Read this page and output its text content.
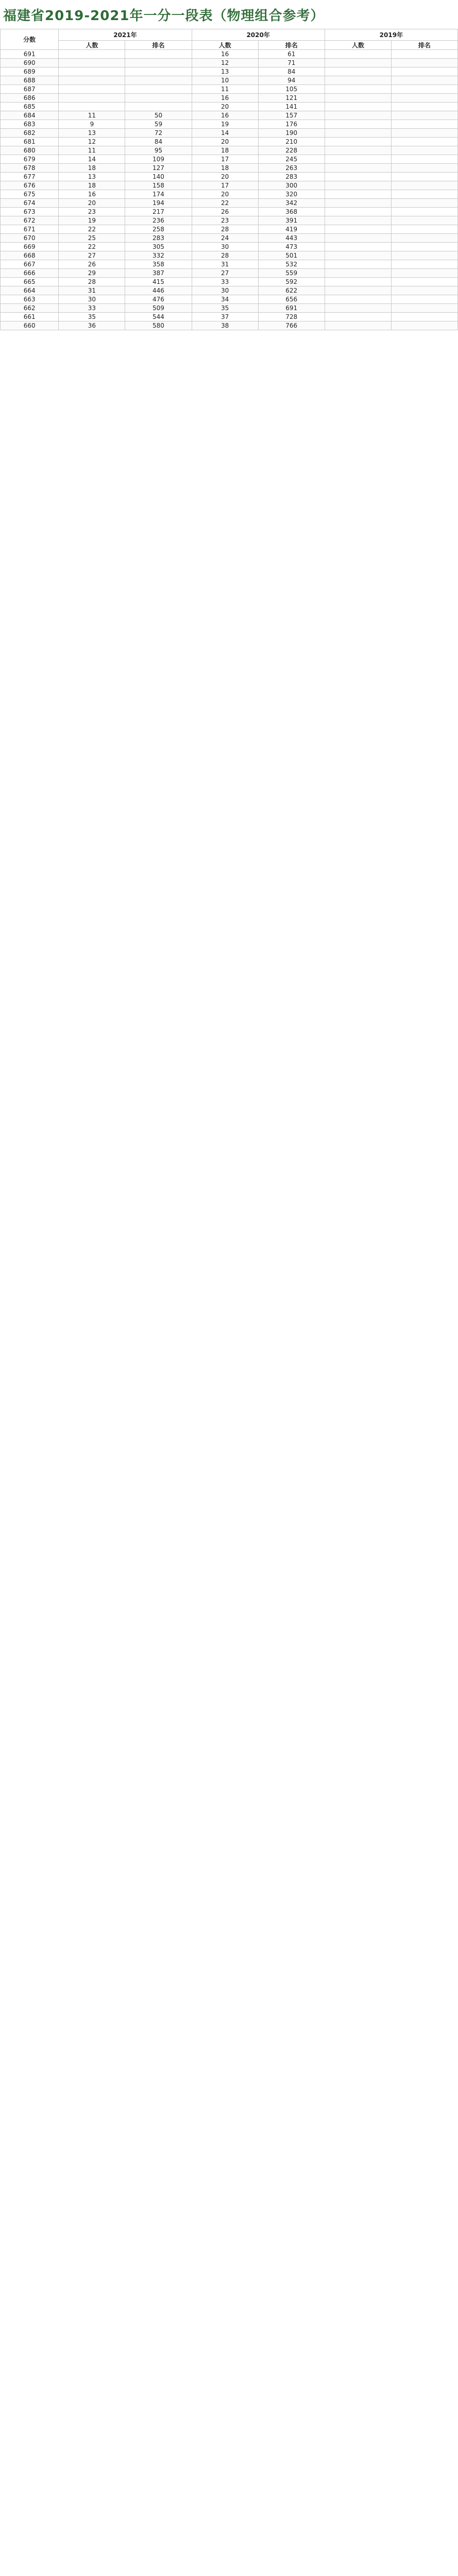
福建省2019-2021年一分一段表（物理组合参考）
分数	2021年		2020年		2019年	
	人数	排名	人数	排名	人数	排名
691			16	61		
690			12	71		
689			13	84		
688			10	94		
687			11	105		
686			16	121		
685			20	141		
684	11	50	16	157		
683	9	59	19	176		
682	13	72	14	190		
681	12	84	20	210		
680	11	95	18	228		
679	14	109	17	245		
678	18	127	18	263		
677	13	140	20	283		
676	18	158	17	300		
675	16	174	20	320		
674	20	194	22	342		
673	23	217	26	368		
672	19	236	23	391		
671	22	258	28	419		
670	25	283	24	443		
669	22	305	30	473		
668	27	332	28	501		
667	26	358	31	532		
666	29	387	27	559		
665	28	415	33	592		
664	31	446	30	622		
663	30	476	34	656		
662	33	509	35	691		
661	35	544	37	728		
660	36	580	38	766		
